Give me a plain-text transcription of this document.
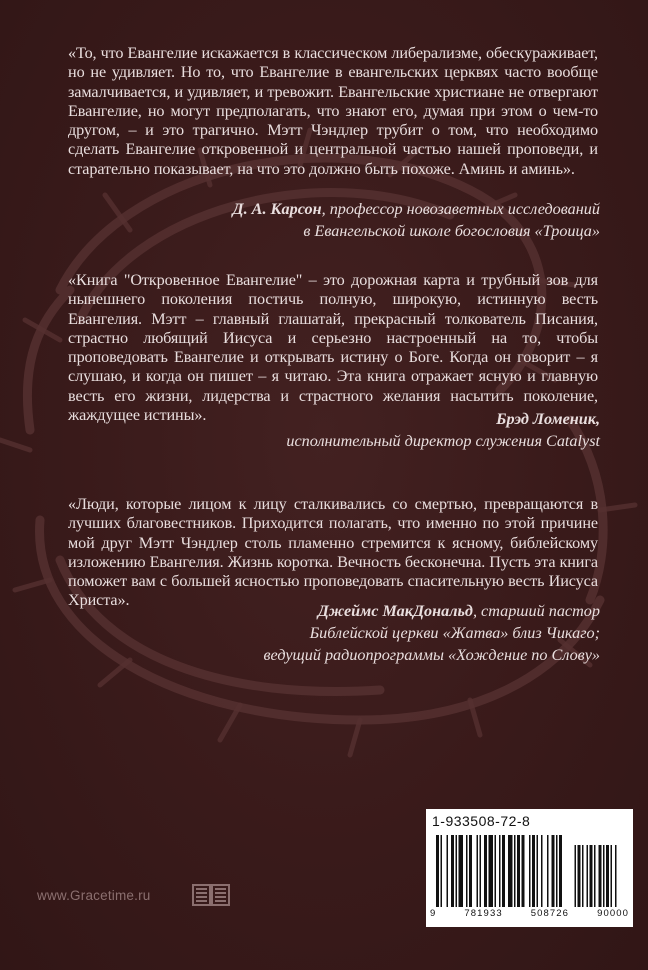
«То, что Евангелие искажается в классическом либерализме, обескураживает, но не удивляет. Но то, что Евангелие в евангельских церквях часто вообще замалчивается, и удивляет, и тревожит. Евангельские христиане не отвергают Евангелие, но могут предполагать, что знают его, думая при этом о чем-то другом, – и это трагично. Мэтт Чэндлер трубит о том, что необходимо сделать Евангелие откровенной и центральной частью нашей проповеди, и старательно показывает, на что это должно быть похоже. Аминь и аминь».
Д. А. Карсон, профессор новозаветных исследований
в Евангельской школе богословия «Троица»
«Книга "Откровенное Евангелие" – это дорожная карта и трубный зов для нынешнего поколения постичь полную, широкую, истинную весть Евангелия. Мэтт – главный глашатай, прекрасный толкователь Писания, страстно любящий Иисуса и серьезно настроенный на то, чтобы проповедовать Евангелие и открывать истину о Боге. Когда он говорит – я слушаю, и когда он пишет – я читаю. Эта книга отражает ясную и главную весть его жизни, лидерства и страстного желания насытить поколение, жаждущее истины».	Брэд Ломеник,
исполнительный директор служения Catalyst
«Люди, которые лицом к лицу сталкивались со смертью, превращаются в лучших благовестников. Приходится полагать, что именно по этой причине мой друг Мэтт Чэндлер столь пламенно стремится к ясному, библейскому изложению Евангелия. Жизнь коротка. Вечность бесконечна. Пусть эта книга поможет вам с большей ясностью проповедовать спасительную весть Иисуса Христа».
Джеймс МакДональд, старший пастор
Библейской церкви «Жатва» близ Чикаго;
ведущий радиопрограммы «Хождение по Слову»
www.Gracetime.ru
1-933508-72-8
9	781933	508726	90000
